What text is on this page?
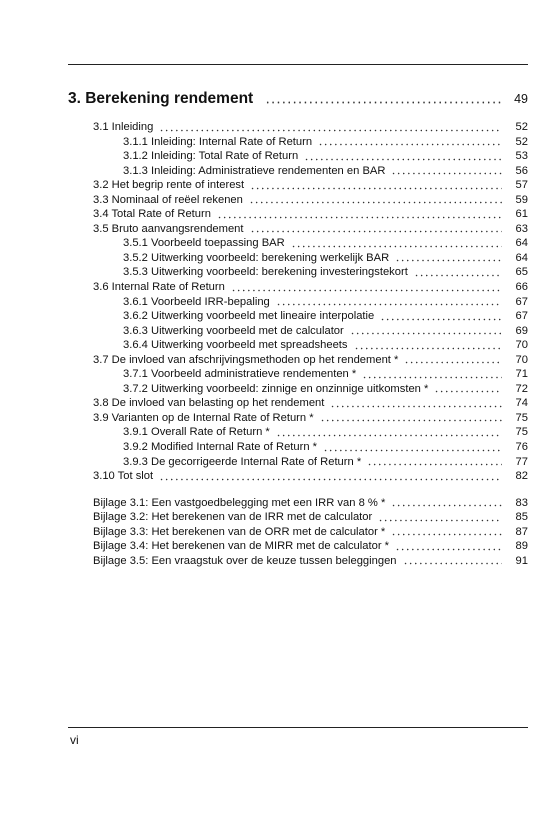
3. Berekening rendement	49
3.1 Inleiding	52
3.1.1 Inleiding: Internal Rate of Return	52
3.1.2 Inleiding: Total Rate of Return	53
3.1.3 Inleiding: Administratieve rendementen en BAR	56
3.2 Het begrip rente of interest	57
3.3 Nominaal of reëel rekenen	59
3.4 Total Rate of Return	61
3.5 Bruto aanvangsrendement	63
3.5.1 Voorbeeld toepassing BAR	64
3.5.2 Uitwerking voorbeeld: berekening werkelijk BAR	64
3.5.3 Uitwerking voorbeeld: berekening investeringstekort	65
3.6 Internal Rate of Return	66
3.6.1 Voorbeeld IRR-bepaling	67
3.6.2 Uitwerking voorbeeld met lineaire interpolatie	67
3.6.3 Uitwerking voorbeeld met de calculator	69
3.6.4 Uitwerking voorbeeld met spreadsheets	70
3.7 De invloed van afschrijvingsmethoden op het rendement *	70
3.7.1 Voorbeeld administratieve rendementen *	71
3.7.2 Uitwerking voorbeeld: zinnige en onzinnige uitkomsten *	72
3.8 De invloed van belasting op het rendement	74
3.9 Varianten op de Internal Rate of Return *	75
3.9.1 Overall Rate of Return *	75
3.9.2 Modified Internal Rate of Return *	76
3.9.3 De gecorrigeerde Internal Rate of Return *	77
3.10 Tot slot	82
Bijlage 3.1: Een vastgoedbelegging met een IRR van 8 % *	83
Bijlage 3.2: Het berekenen van de IRR met de calculator	85
Bijlage 3.3: Het berekenen van de ORR met de calculator *	87
Bijlage 3.4: Het berekenen van de MIRR met de calculator *	89
Bijlage 3.5: Een vraagstuk over de keuze tussen beleggingen	91
vi
